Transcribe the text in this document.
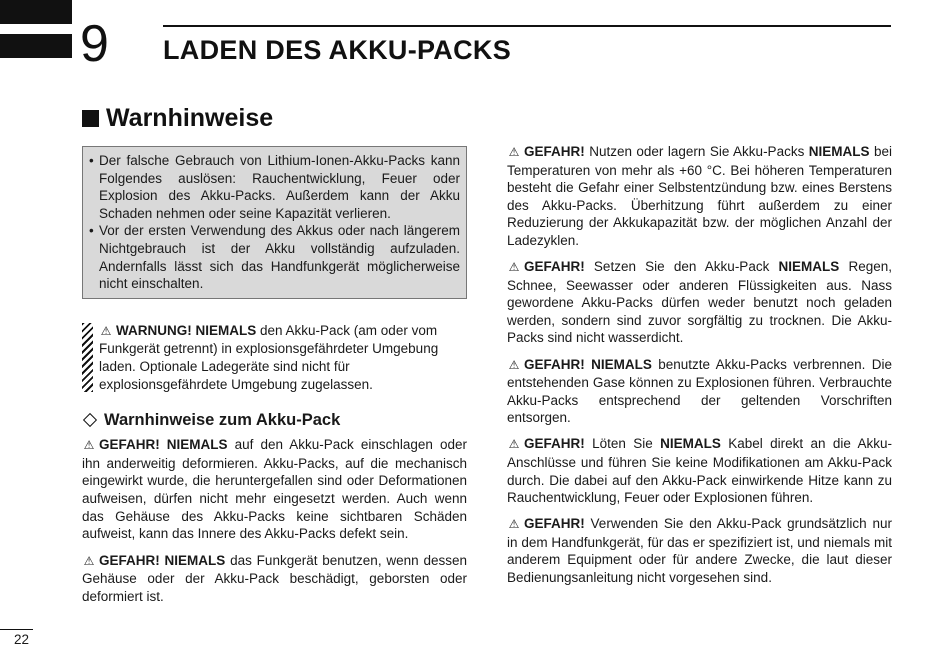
9 LADEN DES AKKU-PACKS
Warnhinweise
• Der falsche Gebrauch von Lithium-Ionen-Akku-Packs kann Folgendes auslösen: Rauchentwicklung, Feuer oder Explosion des Akku-Packs. Außerdem kann der Akku Schaden nehmen oder seine Kapazität verlieren.
• Vor der ersten Verwendung des Akkus oder nach längerem Nichtgebrauch ist der Akku vollständig aufzuladen. Andernfalls lässt sich das Handfunkgerät möglicherweise nicht einschalten.
⚠ WARNUNG! NIEMALS den Akku-Pack (am oder vom Funkgerät getrennt) in explosionsgefährdeter Umgebung laden. Optionale Ladegeräte sind nicht für explosionsgefährdete Umgebung zugelassen.
Warnhinweise zum Akku-Pack
⚠ GEFAHR! NIEMALS auf den Akku-Pack einschlagen oder ihn anderweitig deformieren. Akku-Packs, auf die mechanisch eingewirkt wurde, die heruntergefallen sind oder Deformationen aufweisen, dürfen nicht mehr eingesetzt werden. Auch wenn das Gehäuse des Akku-Packs keine sichtbaren Schäden aufweist, kann das Innere des Akku-Packs defekt sein.
⚠ GEFAHR! NIEMALS das Funkgerät benutzen, wenn dessen Gehäuse oder der Akku-Pack beschädigt, geborsten oder deformiert ist.
⚠ GEFAHR! Nutzen oder lagern Sie Akku-Packs NIEMALS bei Temperaturen von mehr als +60 °C. Bei höheren Temperaturen besteht die Gefahr einer Selbstentzündung bzw. eines Berstens des Akku-Packs. Überhitzung führt außerdem zu einer Reduzierung der Akkukapazität bzw. der möglichen Anzahl der Ladezyklen.
⚠ GEFAHR! Setzen Sie den Akku-Pack NIEMALS Regen, Schnee, Seewasser oder anderen Flüssigkeiten aus. Nass gewordene Akku-Packs dürfen weder benutzt noch geladen werden, sondern sind zuvor sorgfältig zu trocknen. Die Akku-Packs sind nicht wasserdicht.
⚠ GEFAHR! NIEMALS benutzte Akku-Packs verbrennen. Die entstehenden Gase können zu Explosionen führen. Verbrauchte Akku-Packs entsprechend der geltenden Vorschriften entsorgen.
⚠ GEFAHR! Löten Sie NIEMALS Kabel direkt an die Akku-Anschlüsse und führen Sie keine Modifikationen am Akku-Pack durch. Die dabei auf den Akku-Pack einwirkende Hitze kann zu Rauchentwicklung, Feuer oder Explosionen führen.
⚠ GEFAHR! Verwenden Sie den Akku-Pack grundsätzlich nur in dem Handfunkgerät, für das er spezifiziert ist, und niemals mit anderem Equipment oder für andere Zwecke, die laut dieser Bedienungsanleitung nicht vorgesehen sind.
22
